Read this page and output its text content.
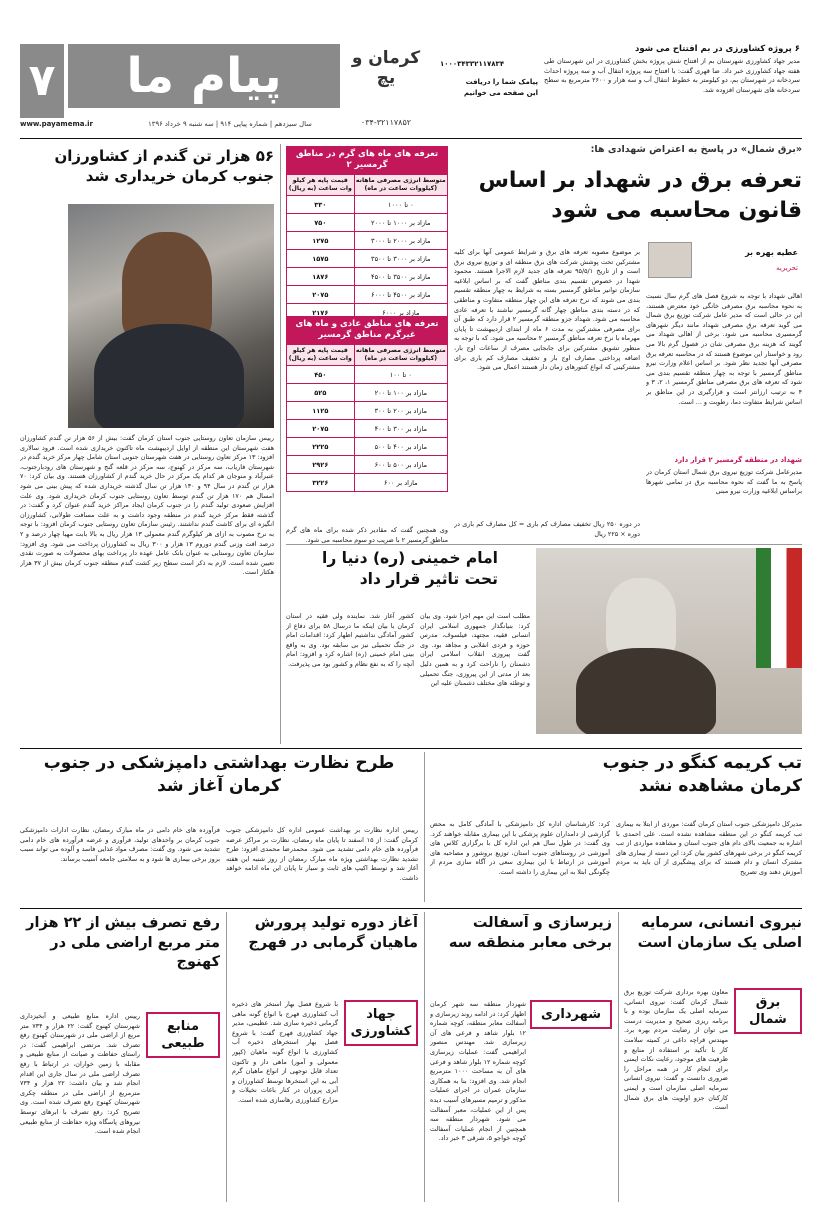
۷	پیام ما	کرمان و یچ
۰۳۴-۳۲۱۱۷۸۵۲
www.payamema.ir	سال سیزدهم | شماره پیاپی ۹۱۴ | سه شنبه ۹ خرداد ۱۳۹۶
پیامک شما را دریافت
این صفحه می خوانیم
۱۰۰۰۳۴۳۳۲۱۱۷۸۳۴
۶ پروژه کشاورزی در بم افتتاح می شود
مدیر جهاد کشاورزی شهرستان بم از افتتاح شش پروژه بخش کشاورزی در این شهرستان طی هفته جهاد کشاورزی خبر داد. ضا قهری گفت: با افتتاح سه پروژه انتقال آب و سه پروژه احداث سردخانه در شهرستان بم، دو کیلومتر به خطوط انتقال آب و سه هزار و ۲۶۰۰ مترمربع به سطح سردخانه های شهرستان افزوده شد.
«برق شمال» در پاسخ به اعتراض شهدادی ها:
تعرفه برق در شهداد بر اساس قانون محاسبه می شود
عطیه بهره بر
تحریریه
اهالی شهداد با توجه به شروع فصل های گرم سال نسبت به نحوه محاسبه برق مصرفی خانگی خود معترض هستند، این در حالی است که مدیر عامل شرکت توزیع برق شمال می گوید تعرفه برق مصرفی شهداد مانند دیگر شهرهای گرمسیری محاسبه می شود. برخی از اهالی شهداد می گویند که هزینه برق مصرفی شان در فصول گرم بالا می رود و خواستار این موضوع هستند که در محاسبه تعرفه برق مصرفی آنها تجدید نظر شود. بر اساس اعلام وزارت نیرو مناطق گرمسیر با توجه به چهار منطقه تقسیم بندی می شود که تعرفه های برق مصرفی مناطق گرمسیر ۱، ۲، ۳ و ۴ به ترتیب ارزانتر است و قرارگیری در این مناطق بر اساس شرایط متفاوت دما، رطوبت و ... است.
شهداد در منطقه گرمسیر ۲ قرار دارد
مدیرعامل شرکت توزیع نیروی برق شمال استان کرمان در پاسخ به ما گفت که نحوه محاسبه برق در تمامی شهرها براساس ابلاغیه وزارت نیرو مبنی
بر موضوع مصوبه تعرفه های برق و شرایط عمومی آنها برای کلیه مشترکین تحت پوشش شرکت های برق منطقه ای و توزیع نیروی برق است و از تاریخ ۹۵/۵/۱ تعرفه های جدید لازم الاجرا هستند. محمود شهدا در خصوص تقسیم بندی مناطق گفت که بر اساس ابلاغیه سازمان توانیر مناطق گرمسیر بسته به شرایط به چهار منطقه تقسیم بندی می شوند که نرخ تعرفه های این چهار منطقه متفاوت و مناطقی که در دسته بندی مناطق چهار گانه گرمسیر نباشند با تعرفه عادی محاسبه می شود. شهداد جزو منطقه گرمسیر ۲ قرار دارد که طبق آن برای مصرفی مشترکین به مدت ۶ ماه از ابتدای اردیبهشت تا پایان مهرماه با نرخ تعرفه مناطق گرمسیر ۲ محاسبه می شود. که با توجه به منظور تشویق مشترکین برای جابجایی مصرف از ساعات اوج بار، اضافه پرداختی مصارف اوج بار و تخفیف مصارف کم باری برای مشترکینی که انواع کنتورهای زمان دار هستند اعمال می شود.
در دوره ۲۵۰ ریال تخفیف مصارف کم باری = کل مصارف کم باری در دوره × ۲۲۵ ریال
تعرفه های ماه های گرم در مناطق گرمسیر ۲
متوسط انرژی مصرفی ماهانه (کیلووات ساعت در ماه)	قیمت پایه هر کیلو وات ساعت (به ریال)
۰ تا ۱۰۰۰	۳۳۰
مازاد بر ۱۰۰۰ تا ۲۰۰۰	۷۵۰
مازاد بر ۲۰۰۰ تا ۳۰۰۰	۱۲۷۵
مازاد بر ۳۰۰۰ تا ۳۵۰۰	۱۵۷۵
مازاد بر ۳۵۰۰ تا ۴۵۰۰	۱۸۷۶
مازاد بر ۴۵۰۰ تا ۶۰۰۰	۲۰۷۵
مازاد بر ۶۰۰۰	۲۱۷۶
تعرفه های مناطق عادی و ماه های غیرگرم مناطق گرمسیر
متوسط انرژی مصرفی ماهانه (کیلووات ساعت در ماه)	قیمت پایه هر کیلو وات ساعت (به ریال)
۰ تا ۱۰۰	۴۵۰
مازاد بر ۱۰۰ تا ۲۰۰	۵۲۵
مازاد بر ۲۰۰ تا ۳۰۰	۱۱۲۵
مازاد بر ۳۰۰ تا ۴۰۰	۲۰۷۵
مازاد بر ۴۰۰ تا ۵۰۰	۲۲۲۵
مازاد بر ۵۰۰ تا ۶۰۰	۲۹۲۶
مازاد بر ۶۰۰	۳۲۲۶
وی همچنین گفت که مقادیر ذکر شده برای ماه های گرم مناطق گرمسیر ۲ با ضریب دو سوم محاسبه می شود.
۵۶ هزار تن گندم از کشاورزان جنوب کرمان خریداری شد
رییس سازمان تعاون روستایی جنوب استان کرمان گفت: بیش از ۵۶ هزار تن گندم کشاورزان هفت شهرستان این منطقه از اوایل اردیبهشت ماه تاکنون خریداری شده است. فرود سالاری افزود: ۱۳ مرکز تعاون روستایی در هفت شهرستان جنوبی استان شامل چهار مرکز خرید گندم در شهرستان فاریاب، سه مرکز در کهنوج، سه مرکز در قلعه گنج و شهرستان های رودبارجنوب، عنبرآباد و منوجان هر کدام یک مرکز در حال خرید گندم از کشاورزان هستند. وی بیان کرد: ۷۰ هزار تن گندم در سال ۹۴ و ۱۳۰ هزار تن سال گذشته خریداری شده که پیش بینی می شود امسال هم ۱۷۰ هزار تن گندم توسط تعاون روستایی جنوب کرمان خریداری شود. وی علت افزایش صعودی تولید گندم را در جنوب کرمان ایجاد مراکز خرید گندم عنوان کرد و گفت: در گذشته فقط مرکز خرید گندم در منطقه وجود داشت و به علت مسافت طولانی، کشاورزان انگیزه ای برای کاشت گندم نداشتند. رئیس سازمان تعاون روستایی جنوب کرمان افزود: با توجه به نرخ مصوب به ازای هر کیلوگرم گندم معمولی ۱۳ هزار ریال به بالا بابت مهیا چهار درصد و ۲ درصد افت وزنی گندم دوروم ۱۳ هزار و ۳۰۰ ریال به کشاورزان پرداخت می شود. وی افزود: سازمان تعاون روستایی به عنوان بانک عامل عهده دار پرداخت بهای محصولات به صورت نقدی تعیین شده است. لازم به ذکر است سطح زیر کشت گندم منطقه جنوب کرمان بیش از ۳۷ هزار هکتار است.
امام خمینی (ره) دنیا را تحت تاثیر قرار داد
مطلب است این مهم اجرا شود. وی بیان کرد: بنیانگذار جمهوری اسلامی ایران انسانی فقیه، مجتهد، فیلسوف، مدرس حوزه و فردی انقلابی و مجاهد بود. وی گفت پیروزی انقلاب اسلامی ایران دشمنان را ناراحت کرد و به همین دلیل بعد از مدتی از این پیروزی، جنگ تحمیلی و توطئه های مختلف دشمنان علیه این
کشور آغاز شد. نماینده ولی فقیه در استان کرمان با بیان اینکه ما درسال ۵۸ برای دفاع از کشور آمادگی نداشتیم اظهار کرد: اقدامات امام در جنگ تحمیلی نیز بی سابقه بود. وی به واقع بینی امام خمینی (ره) اشاره کرد و افزود: امام آنچه را که به نفع نظام و کشور بود می پذیرفت.
تب کریمه کنگو در جنوب کرمان مشاهده نشد
مدیرکل دامپزشکی جنوب استان کرمان گفت: موردی از ابتلا به بیماری تب کریمه کنگو در این منطقه مشاهده نشده است. علی احمدی با اشاره به جمعیت بالای دام های جنوب استان و مشاهده مواردی از تب کریمه کنگو در برخی شهرهای کشور بیان کرد: این دسته از بیماری های مشترک انسان و دام هستند که برای پیشگیری از آن باید به مردم آموزش دهند وی تصریح
کرد: کارشناسان اداره کل دامپزشکی با آمادگی کامل به محض گزارشی از دامداران علوم پزشکی با این بیماری مقابله خواهند کرد. وی گفت: در طول سال هم این اداره کل با برگزاری کلاس های آموزشی در روستاهای جنوب استان، توزیع بروشور و مصاحبه های آموزشی در ارتباط با این بیماری سعی در آگاه سازی مردم از چگونگی ابتلا به این بیماری را داشته است.
طرح نظارت بهداشتی دامپزشکی در جنوب کرمان آغاز شد
رییس اداره نظارت بر بهداشت عمومی اداره کل دامپزشکی جنوب کرمان گفت: از ۱۵ اسفند تا پایان ماه رمضان، نظارت بر مراکز عرضه فرآورده های خام دامی تشدید می شود. محمدرضا محمدی افزود: طرح تشدید نظارت بهداشتی ویژه ماه مبارک رمضان از روز شنبه این هفته آغاز شد و توسط اکیپ های ثابت و سیار تا پایان این ماه ادامه خواهد داشت.
فرآورده های خام دامی در ماه مبارک رمضان، نظارت ادارات دامپزشکی جنوب کرمان بر واحدهای تولید، فرآوری و عرضه فرآورده های خام دامی تشدید می شود. وی گفت: مصرف مواد غذایی فاسد و آلوده می تواند سبب بروز برخی بیماری ها شود و به سلامتی جامعه آسیب برساند.
نیروی انسانی، سرمایه اصلی یک سازمان است
برق شمال
معاون بهره برداری شرکت توزیع برق شمال کرمان گفت: نیروی انسانی، سرمایه اصلی یک سازمان بوده و با برنامه ریزی صحیح و مدیریت درست می توان از رضایت مردم بهره برد. مهندس قراچه داغی در کمیته سلامت کار با تأکید بر استفاده از منابع و ظرفیت های موجود، رعایت نکات ایمنی برای انجام کار در همه مراحل را ضروری دانست و گفت: نیروی انسانی سرمایه اصلی سازمان است و ایمنی کارکنان جزو اولویت های برق شمال است.
زیرسازی و آسفالت برخی معابر منطقه سه
شهرداری
شهردار منطقه سه شهر کرمان اظهار کرد: در ادامه روند زیرسازی و آسفالت معابر منطقه، کوچه شماره ۱۲ بلوار شاهد و فرعی های آن زیرسازی شد. مهندس منصور ابراهیمی گفت: عملیات زیرسازی کوچه شماره ۱۲ بلوار شاهد و فرعی های آن به مساحت ۱۰۰۰ مترمربع انجام شد. وی افزود: بنا به همکاری سازمان عمران در اجرای عملیات مذکور و ترمیم مسیرهای آسیب دیده پس از این عملیات، معبر آسفالت می شود. شهردار منطقه سه همچنین از انجام عملیات آسفالت کوچه خواجو ۵، شرقی ۳ خبر داد.
آغاز دوره تولید پرورش ماهیان گرمابی در فهرج
جهاد کشاورزی
با شروع فصل بهار استخر های ذخیره آب کشاورزی فهرج با انواع گونه ماهی گرمابی ذخیره سازی شد. عظیمی، مدیر جهاد کشاورزی فهرج گفت: با شروع فصل بهار استخرهای ذخیره آب کشاورزی با انواع گونه ماهیان (کپور معمولی و آمور) ماهی دار و تاکنون تعداد قابل توجهی از انواع ماهیان گرم آبی به این استخرها توسط کشاورزان و آبزی پروران در کنار باغات نخیلات و مزارع کشاورزی رهاسازی شده است.
رفع تصرف بیش از ۲۲ هزار متر مربع اراضی ملی در کهنوج
منابع طبیعی
رییس اداره منابع طبیعی و آبخیزداری شهرستان کهنوج گفت: ۲۲ هزار و ۷۳۴ متر مربع از اراضی ملی در شهرستان کهنوج رفع تصرف شد. مرتضی ابراهیمی گفت: در راستای حفاظت و صیانت از منابع طبیعی و مقابله با زمین خواران، در ارتباط با رفع تصرف اراضی ملی در سال جاری این اقدام انجام شد و بیان داشت: ۲۲ هزار و ۷۳۴ مترمربع از اراضی ملی در منطقه چکری شهرستان کهنوج رفع تصرف شده است. وی تصریح کرد: رفع تصرف با ابرهای توسط نیروهای پاسگاه ویژه حفاظت از منابع طبیعی انجام شده است.
